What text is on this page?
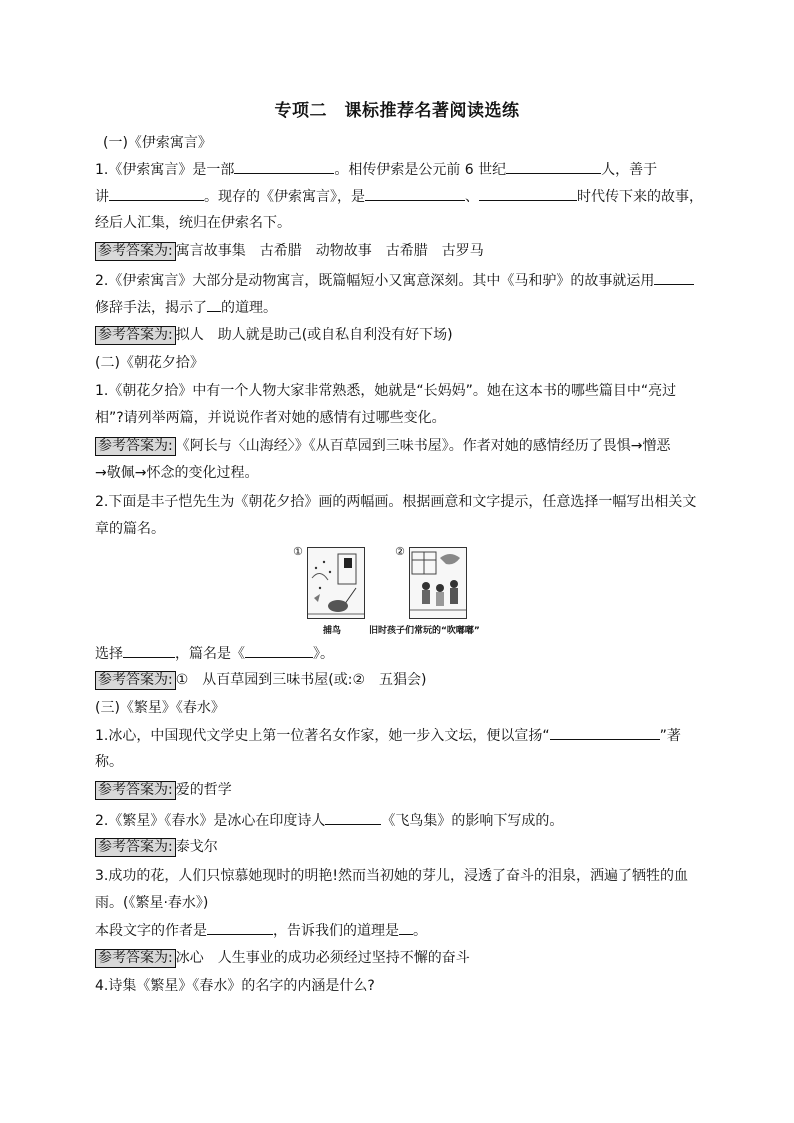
专项二　课标推荐名著阅读选练
(一)《伊索寓言》
1.《伊索寓言》是一部	。相传伊索是公元前 6 世纪	人，善于
讲	。现存的《伊索寓言》，是	、	时代传下来的故事，
经后人汇集，统归在伊索名下。
参考答案为: 寓言故事集　古希腊　动物故事　古希腊　古罗马
2.《伊索寓言》大部分是动物寓言，既篇幅短小又寓意深刻。其中《马和驴》的故事就运用
修辞手法，揭示了 的道理。
参考答案为: 拟人　助人就是助己(或自私自利没有好下场)
(二)《朝花夕拾》
1.《朝花夕拾》中有一个人物大家非常熟悉，她就是“长妈妈”。她在这本书的哪些篇目中“亮过
相”?请列举两篇，并说说作者对她的感情有过哪些变化。
参考答案为: 《阿长与〈山海经〉》《从百草园到三味书屋》。作者对她的感情经历了畏惧→憎恶
→敬佩→怀念的变化过程。
2.下面是丰子恺先生为《朝花夕拾》画的两幅画。根据画意和文字提示，任意选择一幅写出相关文
章的篇名。
①	②
捕鸟	旧时孩子们常玩的“吹嘟嘟”
选择	，篇名是《	》。
参考答案为: ①　从百草园到三味书屋(或:②　五猖会)
(三)《繁星》《春水》
1.冰心，中国现代文学史上第一位著名女作家，她一步入文坛，便以宣扬“	”著
称。
参考答案为: 爱的哲学
2.《繁星》《春水》是冰心在印度诗人	《飞鸟集》的影响下写成的。
参考答案为: 泰戈尔
3.成功的花，人们只惊慕她现时的明艳!然而当初她的芽儿，浸透了奋斗的泪泉，洒遍了牺牲的血
雨。(《繁星·春水》)
本段文字的作者是	，告诉我们的道理是 。
参考答案为: 冰心　人生事业的成功必须经过坚持不懈的奋斗
4.诗集《繁星》《春水》的名字的内涵是什么?
